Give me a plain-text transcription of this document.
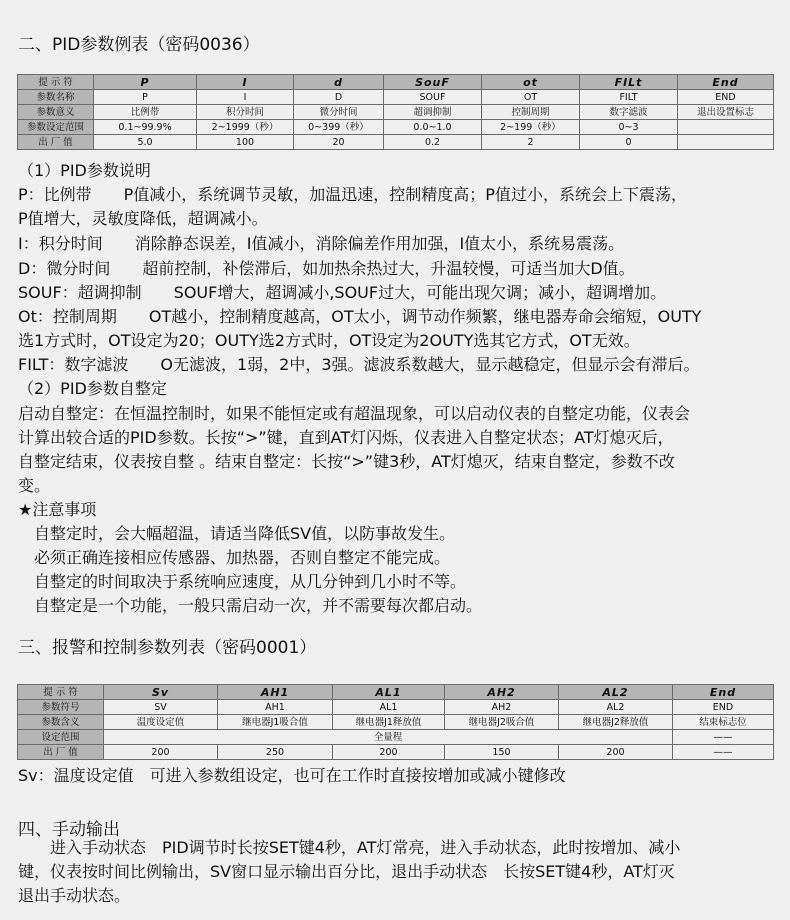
二、PID参数例表（密码0036）
提 示 符	P	I	d	SouF	ot	FILt	End
参数名称	P	I	D	SOUF	OT	FILT	END
参数意义	比例带	积分时间	微分时间	超调抑制	控制周期	数字滤波	退出设置标志
参数设定范围	0.1~99.9%	2~1999（秒）	0~399（秒）	0.0~1.0	2~199（秒）	0~3	
出 厂 值	5.0	100	20	0.2	2	0	
（1）PID参数说明
P：比例带　　P值减小，系统调节灵敏，加温迅速，控制精度高；P值过小，系统会上下震荡，
P值增大，灵敏度降低，超调减小。
I：积分时间　　消除静态误差，I值减小，消除偏差作用加强，I值太小，系统易震荡。
D：微分时间　　超前控制，补偿滞后，如加热余热过大，升温较慢，可适当加大D值。
SOUF：超调抑制　　SOUF增大，超调减小,SOUF过大，可能出现欠调；减小，超调增加。
Ot：控制周期　　OT越小，控制精度越高，OT太小，调节动作频繁，继电器寿命会缩短，OUTY
选1方式时，OT设定为20；OUTY选2方式时，OT设定为2OUTY选其它方式，OT无效。
FILT：数字滤波　　O无滤波，1弱，2中，3强。滤波系数越大，显示越稳定，但显示会有滞后。
（2）PID参数自整定
启动自整定：在恒温控制时，如果不能恒定或有超温现象，可以启动仪表的自整定功能，仪表会
计算出较合适的PID参数。长按“>”键，直到AT灯闪烁，仪表进入自整定状态；AT灯熄灭后，
自整定结束，仪表按自整 。结束自整定：长按“>”键3秒，AT灯熄灭，结束自整定，参数不改
变。
★注意事项
　自整定时，会大幅超温，请适当降低SV值，以防事故发生。
　必须正确连接相应传感器、加热器，否则自整定不能完成。
　自整定的时间取决于系统响应速度，从几分钟到几小时不等。
　自整定是一个功能，一般只需启动一次，并不需要每次都启动。
三、报警和控制参数列表（密码0001）
提 示 符	Sv	AH1	AL1	AH2	AL2	End
参数符号	SV	AH1	AL1	AH2	AL2	END
参数含义	温度设定值	继电器J1吸合值	继电器J1释放值	继电器J2吸合值	继电器J2释放值	结束标志位
设定范围	全量程					——
出 厂 值	200	250	200	150	200	——
Sv：温度设定值　可进入参数组设定，也可在工作时直接按增加或减小键修改
四、手动输出
　　进入手动状态　PID调节时长按SET键4秒，AT灯常亮，进入手动状态，此时按增加、减小
键，仪表按时间比例输出，SV窗口显示输出百分比，退出手动状态　长按SET键4秒，AT灯灭
退出手动状态。
